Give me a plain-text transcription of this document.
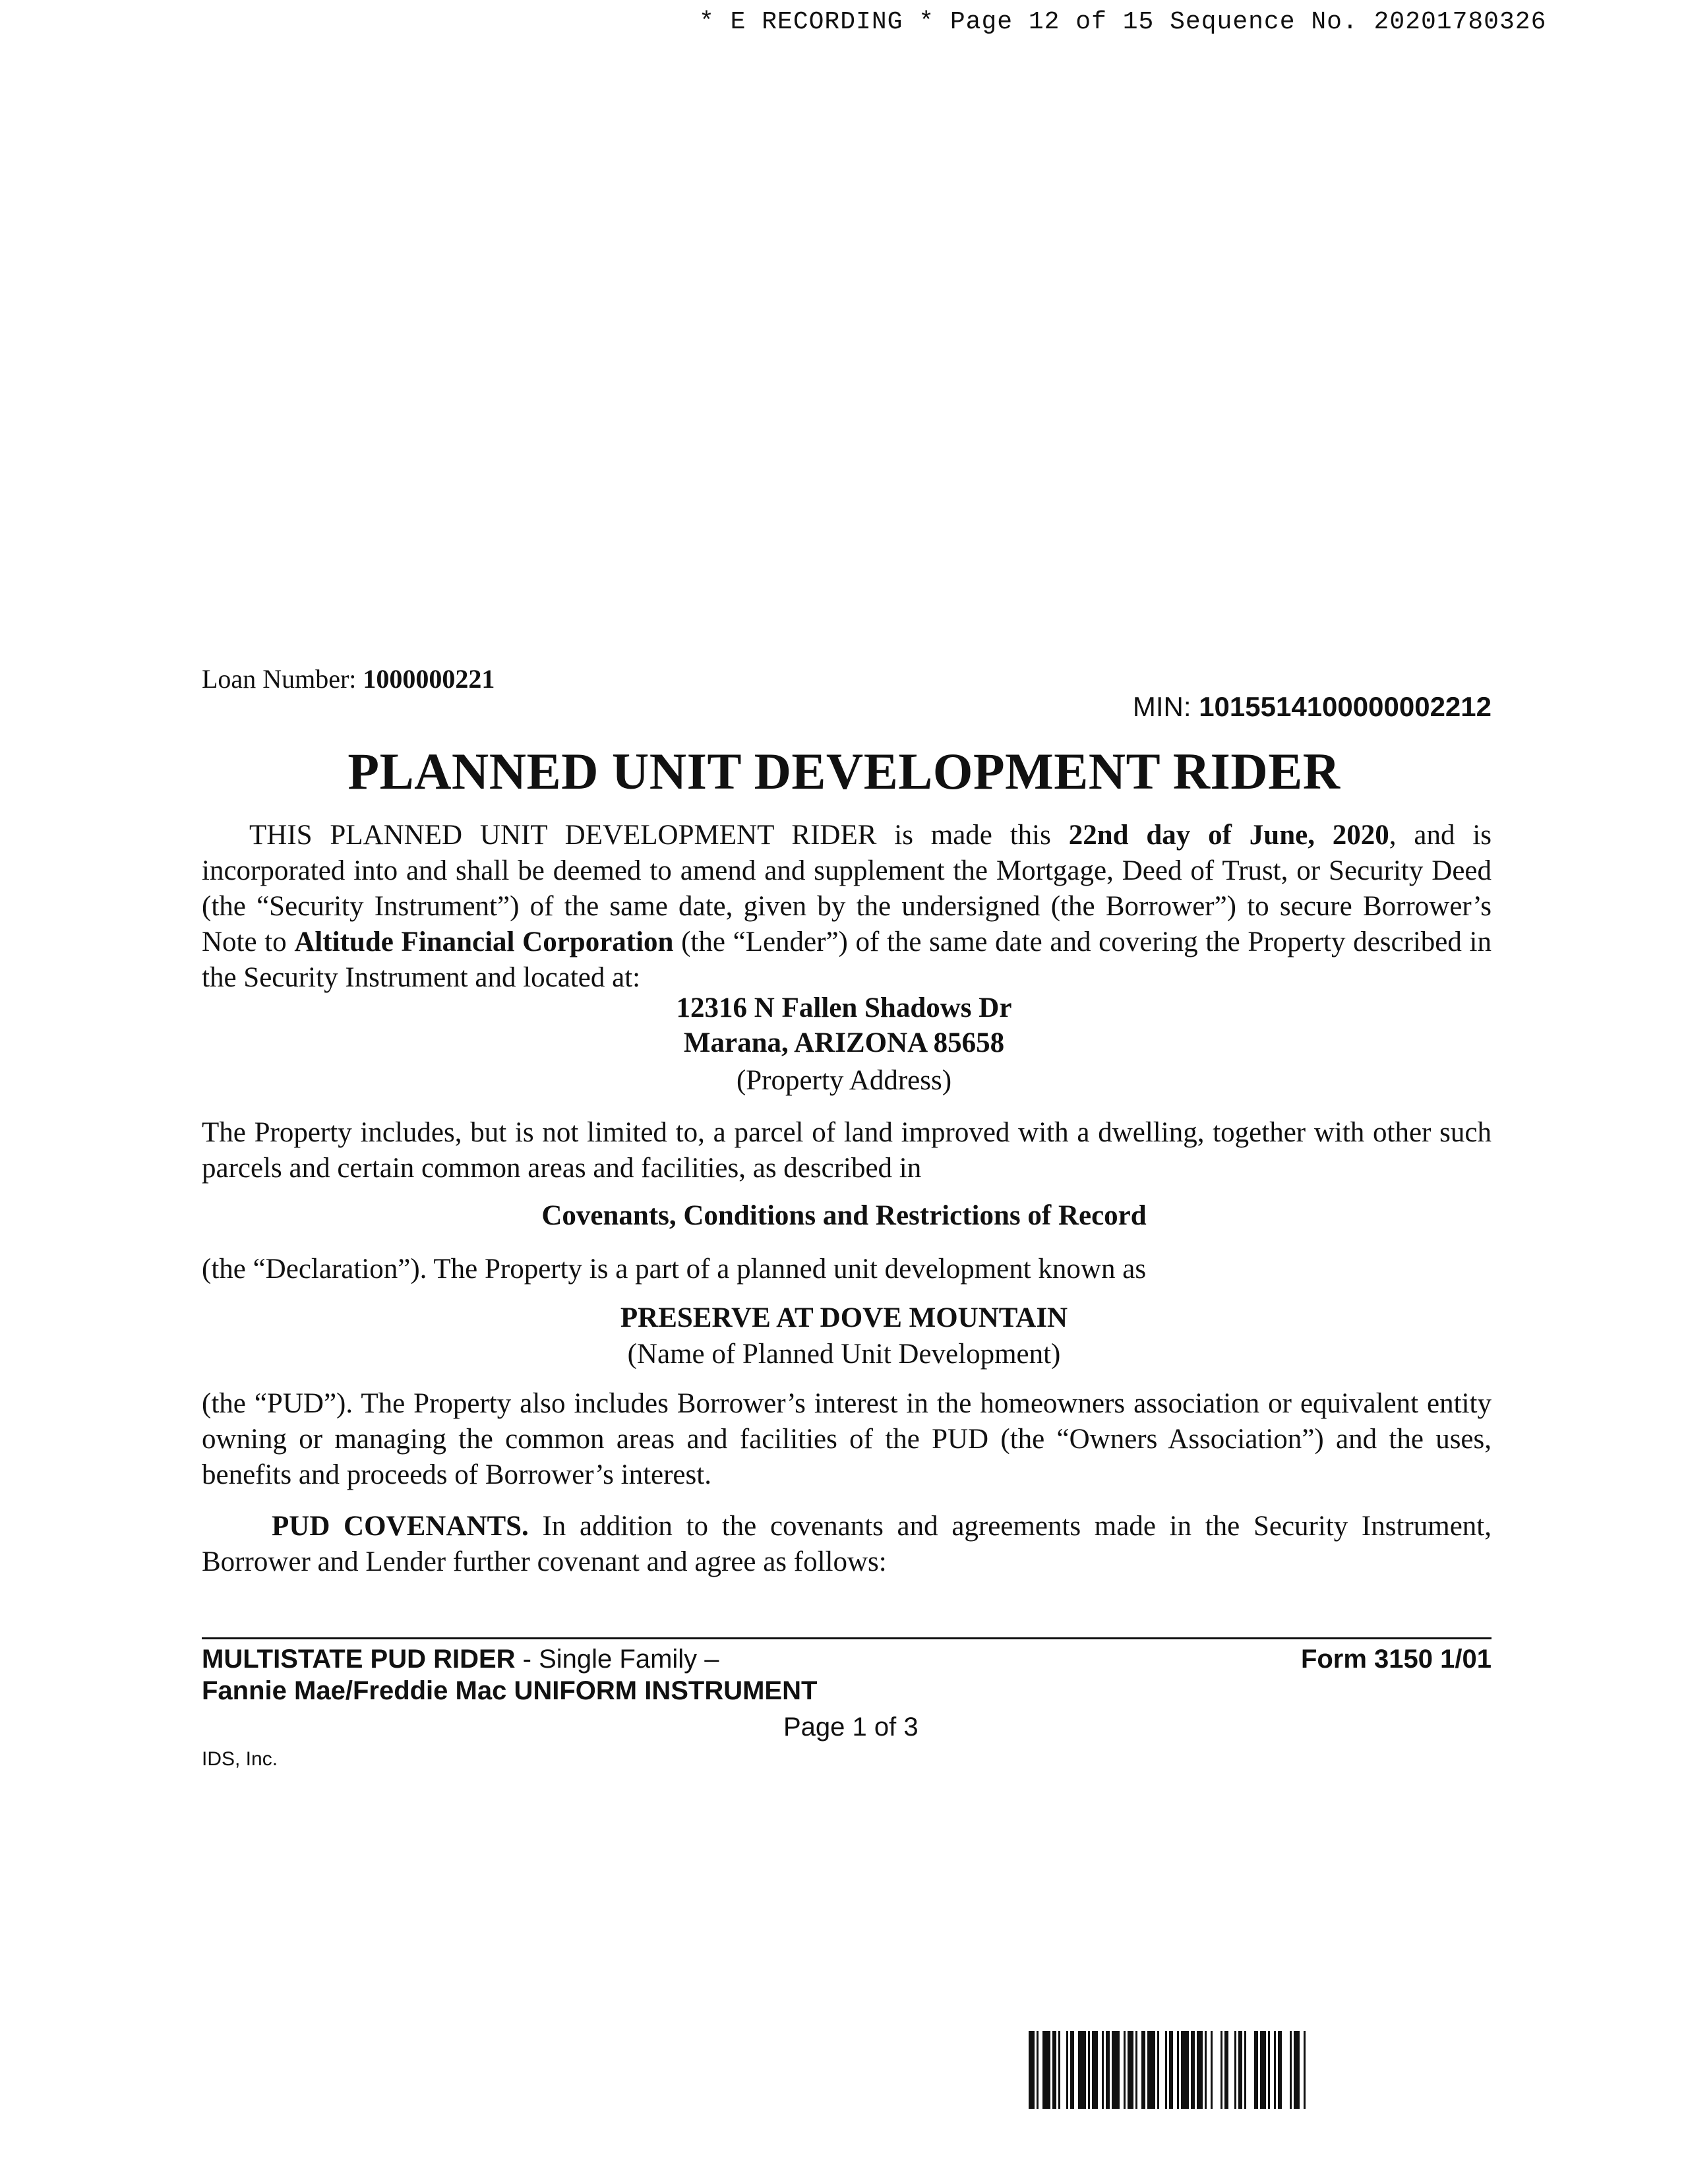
* E RECORDING * Page 12 of 15 Sequence No. 20201780326
Loan Number: 1000000221
MIN: 1015514100000002212
PLANNED UNIT DEVELOPMENT RIDER
THIS PLANNED UNIT DEVELOPMENT RIDER is made this 22nd day of June, 2020, and is incorporated into and shall be deemed to amend and supplement the Mortgage, Deed of Trust, or Security Deed (the “Security Instrument”) of the same date, given by the undersigned (the Borrower”) to secure Borrower’s Note to Altitude Financial Corporation (the “Lender”) of the same date and covering the Property described in the Security Instrument and located at:
12316 N Fallen Shadows Dr
Marana, ARIZONA 85658
(Property Address)
The Property includes, but is not limited to, a parcel of land improved with a dwelling, together with other such parcels and certain common areas and facilities, as described in
Covenants, Conditions and Restrictions of Record
(the “Declaration”). The Property is a part of a planned unit development known as
PRESERVE AT DOVE MOUNTAIN
(Name of Planned Unit Development)
(the “PUD”). The Property also includes Borrower’s interest in the homeowners association or equivalent entity owning or managing the common areas and facilities of the PUD (the “Owners Association”) and the uses, benefits and proceeds of Borrower’s interest.
PUD COVENANTS. In addition to the covenants and agreements made in the Security Instrument, Borrower and Lender further covenant and agree as follows:
MULTISTATE PUD RIDER - Single Family –
Fannie Mae/Freddie Mac UNIFORM INSTRUMENT
Form 3150 1/01
Page 1 of 3
IDS, Inc.
